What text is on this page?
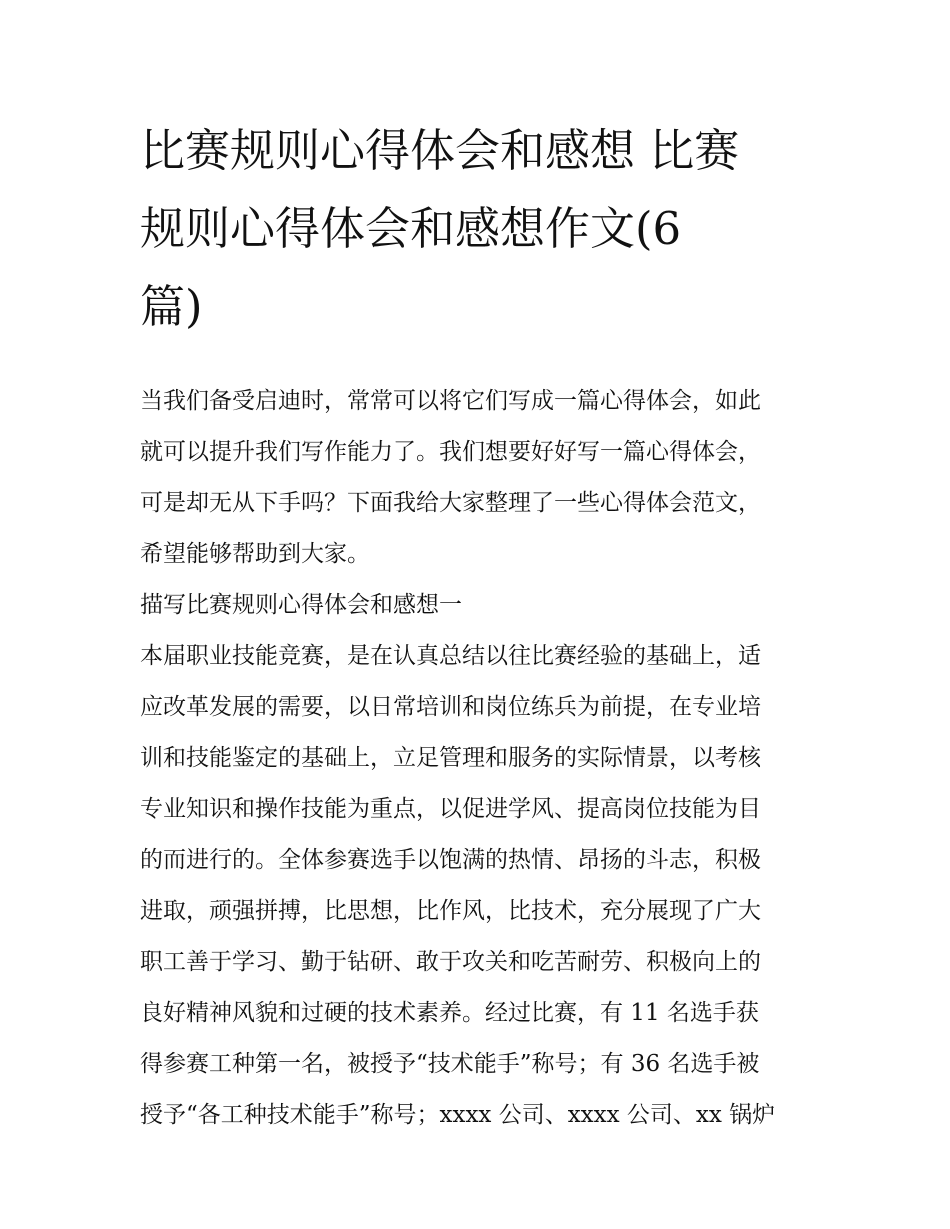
比赛规则心得体会和感想 比赛
规则心得体会和感想作文(6
篇)
当我们备受启迪时，常常可以将它们写成一篇心得体会，如此
就可以提升我们写作能力了。我们想要好好写一篇心得体会，
可是却无从下手吗？下面我给大家整理了一些心得体会范文，
希望能够帮助到大家。
描写比赛规则心得体会和感想一
本届职业技能竞赛，是在认真总结以往比赛经验的基础上，适
应改革发展的需要，以日常培训和岗位练兵为前提，在专业培
训和技能鉴定的基础上，立足管理和服务的实际情景，以考核
专业知识和操作技能为重点，以促进学风、提高岗位技能为目
的而进行的。全体参赛选手以饱满的热情、昂扬的斗志，积极
进取，顽强拼搏，比思想，比作风，比技术，充分展现了广大
职工善于学习、勤于钻研、敢于攻关和吃苦耐劳、积极向上的
良好精神风貌和过硬的技术素养。经过比赛，有 11 名选手获
得参赛工种第一名，被授予“技术能手”称号；有 36 名选手被
授予“各工种技术能手”称号；xxxx 公司、xxxx 公司、xx 锅炉
